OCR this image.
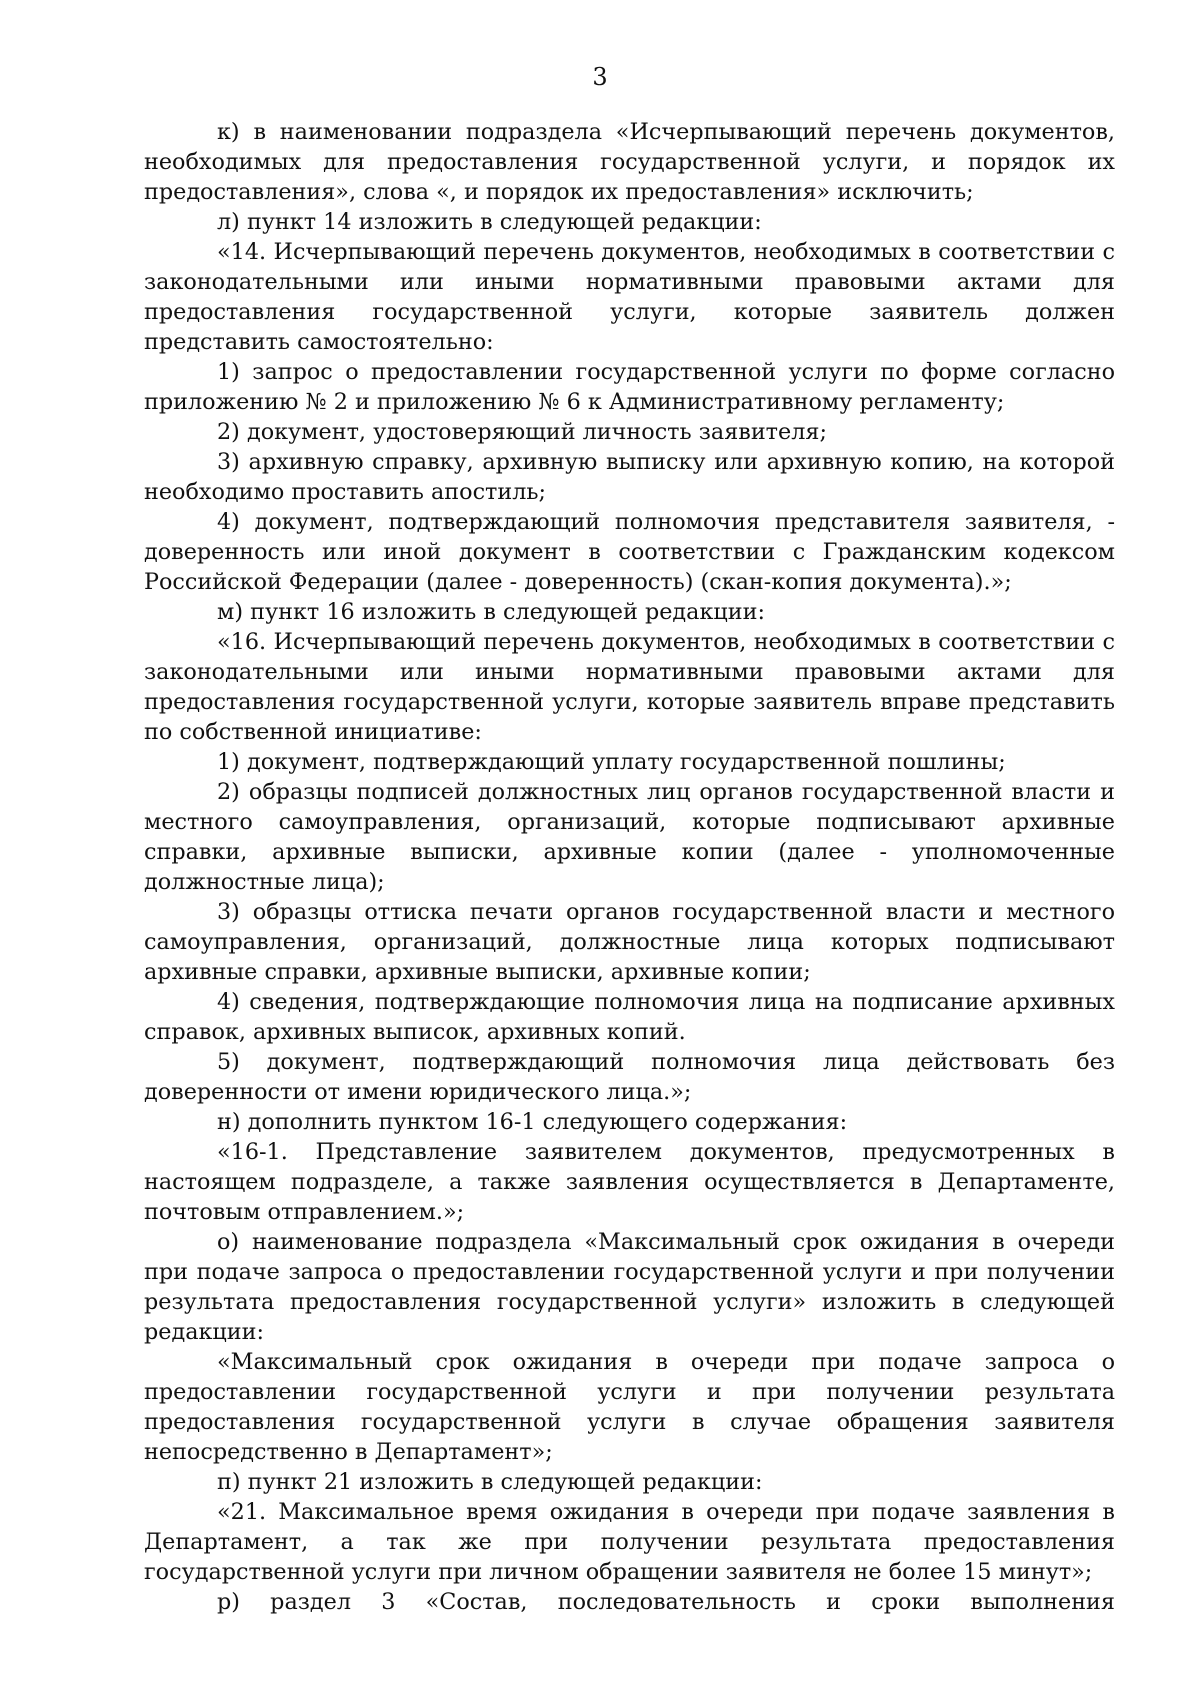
3

к) в наименовании подраздела «Исчерпывающий перечень документов, необходимых для предоставления государственной услуги, и порядок их предоставления», слова «, и порядок их предоставления» исключить;

л) пункт 14 изложить в следующей редакции:

«14. Исчерпывающий перечень документов, необходимых в соответствии с законодательными или иными нормативными правовыми актами для предоставления государственной услуги, которые заявитель должен представить самостоятельно:

1) запрос о предоставлении государственной услуги по форме согласно приложению № 2 и приложению № 6 к Административному регламенту;

2) документ, удостоверяющий личность заявителя;

3) архивную справку, архивную выписку или архивную копию, на которой необходимо проставить апостиль;

4) документ, подтверждающий полномочия представителя заявителя, - доверенность или иной документ в соответствии с Гражданским кодексом Российской Федерации (далее - доверенность) (скан-копия документа).»;

м) пункт 16 изложить в следующей редакции:

«16. Исчерпывающий перечень документов, необходимых в соответствии с законодательными или иными нормативными правовыми актами для предоставления государственной услуги, которые заявитель вправе представить по собственной инициативе:

1) документ, подтверждающий уплату государственной пошлины;

2) образцы подписей должностных лиц органов государственной власти и местного самоуправления, организаций, которые подписывают архивные справки, архивные выписки, архивные копии (далее - уполномоченные должностные лица);

3) образцы оттиска печати органов государственной власти и местного самоуправления, организаций, должностные лица которых подписывают архивные справки, архивные выписки, архивные копии;

4) сведения, подтверждающие полномочия лица на подписание архивных справок, архивных выписок, архивных копий.

5) документ, подтверждающий полномочия лица действовать без доверенности от имени юридического лица.»;

н) дополнить пунктом 16-1 следующего содержания:

«16-1. Представление заявителем документов, предусмотренных в настоящем подразделе, а также заявления осуществляется в Департаменте, почтовым отправлением.»;

о) наименование подраздела «Максимальный срок ожидания в очереди при подаче запроса о предоставлении государственной услуги и при получении результата предоставления государственной услуги» изложить в следующей редакции:

«Максимальный срок ожидания в очереди при подаче запроса о предоставлении государственной услуги и при получении результата предоставления государственной услуги в случае обращения заявителя непосредственно в Департамент»;

п) пункт 21 изложить в следующей редакции:

«21. Максимальное время ожидания в очереди при подаче заявления в Департамент, а так же при получении результата предоставления государственной услуги при личном обращении заявителя не более 15 минут»;

р) раздел 3 «Состав, последовательность и сроки выполнения
